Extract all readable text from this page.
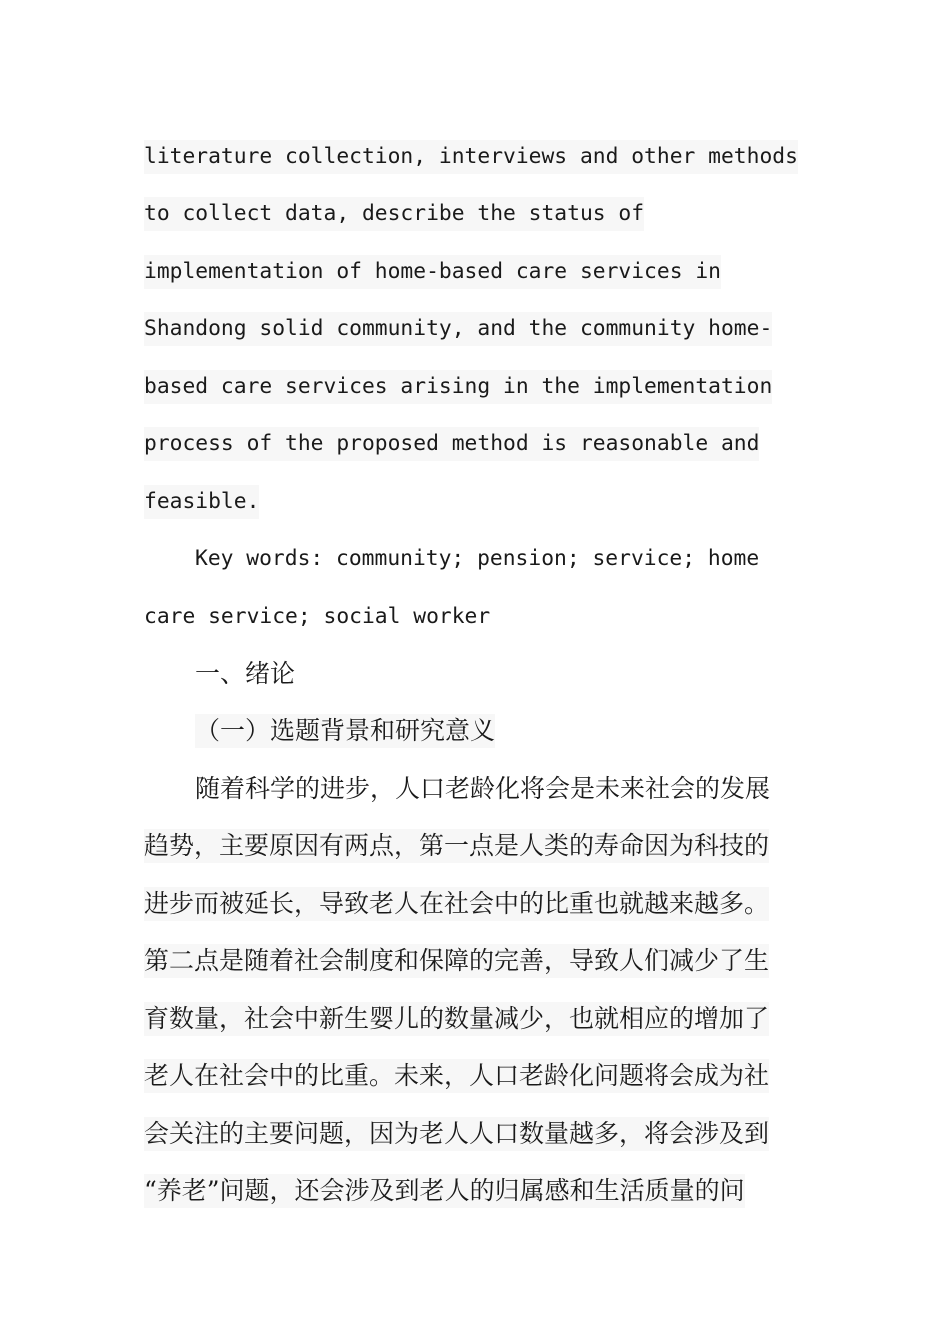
literature collection, interviews and other methods
to collect data, describe the status of
implementation of home-based care services in
Shandong solid community, and the community home-
based care services arising in the implementation
process of the proposed method is reasonable and
feasible.
Key words: community; pension; service; home
care service; social worker
一、绪论
（一）选题背景和研究意义
随着科学的进步，人口老龄化将会是未来社会的发展
趋势，主要原因有两点，第一点是人类的寿命因为科技的
进步而被延长，导致老人在社会中的比重也就越来越多。
第二点是随着社会制度和保障的完善，导致人们减少了生
育数量，社会中新生婴儿的数量减少，也就相应的增加了
老人在社会中的比重。未来，人口老龄化问题将会成为社
会关注的主要问题，因为老人人口数量越多，将会涉及到
“养老”问题，还会涉及到老人的归属感和生活质量的问
